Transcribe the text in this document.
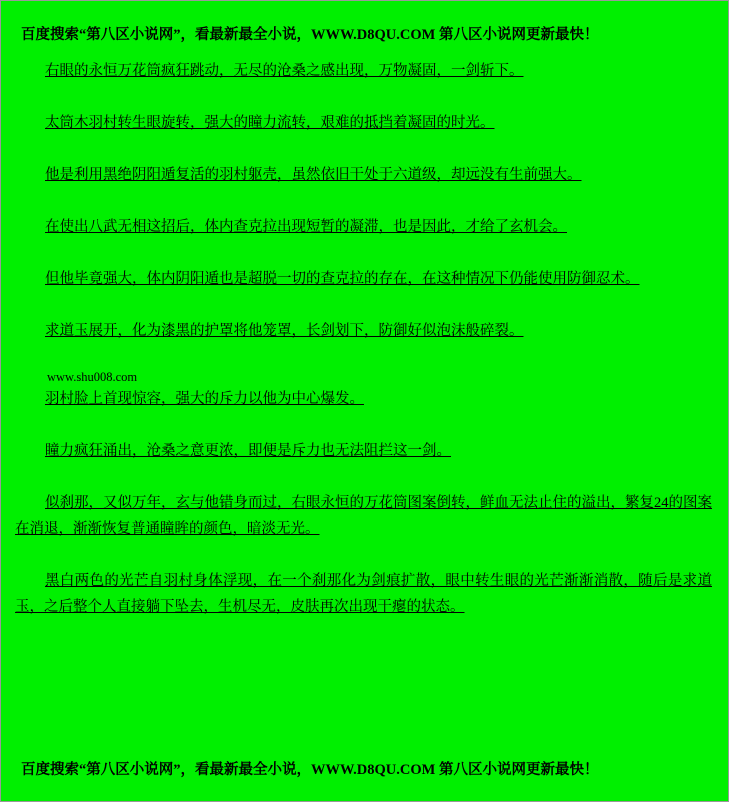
百度搜索“第八区小说网”，看最新最全小说，WWW.D8QU.COM 第八区小说网更新最快！

右眼的永恒万花筒疯狂跳动，无尽的沧桑之感出现，万物凝固，一剑斩下。

太筒木羽村转生眼旋转，强大的瞳力流转，艰难的抵挡着凝固的时光。

他是利用黑绝阴阳遁复活的羽村躯壳，虽然依旧干处于六道级，却远没有生前强大。

在使出八武无相这招后，体内查克拉出现短暂的凝滞，也是因此，才给了玄机会。

但他毕竟强大，体内阴阳遁也是超脱一切的查克拉的存在，在这种情况下仍能使用防御忍术。

求道玉展开，化为漆黑的护罩将他笼罩，长剑划下，防御好似泡沫般碎裂。

www.shu008.com

羽村脸上首现惊容，强大的斥力以他为中心爆发。

瞳力疯狂涌出，沧桑之意更浓，即便是斥力也无法阻拦这一剑。

似刹那，又似万年，玄与他错身而过，右眼永恒的万花筒图案倒转，鲜血无法止住的溢出，繁复24的图案在消退，渐渐恢复普通瞳眸的颜色，暗淡无光。

黑白两色的光芒自羽村身体浮现，在一个刹那化为剑痕扩散，眼中转生眼的光芒渐渐消散，随后是求道玉，之后整个人直接躺下坠去，生机尽无，皮肤再次出现干瘪的状态。

百度搜索“第八区小说网”，看最新最全小说，WWW.D8QU.COM 第八区小说网更新最快！
